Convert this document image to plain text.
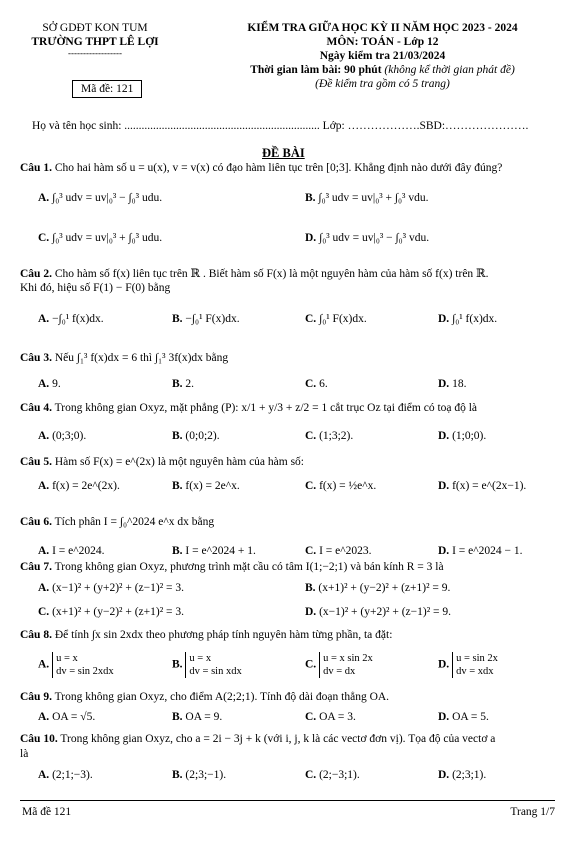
SỞ GDĐT KON TUM
TRƯỜNG THPT LÊ LỢI
------------------
Mã đề: 121
KIỂM TRA GIỮA HỌC KỲ II NĂM HỌC 2023 - 2024
MÔN: TOÁN - Lớp 12
Ngày kiểm tra 21/03/2024
Thời gian làm bài: 90 phút (không kể thời gian phát đề)
(Đề kiểm tra gồm có 5 trang)
Họ và tên học sinh: .................................................................... Lớp: ……………….SBD:………………….
ĐỀ BÀI
Câu 1. Cho hai hàm số u = u(x), v = v(x) có đạo hàm liên tục trên [0;3]. Khẳng định nào dưới đây đúng?
A. ∫₀³ udv = uv|₀³ − ∫₀³ udu.	B. ∫₀³ udv = uv|₀³ + ∫₀³ vdu.
C. ∫₀³ udv = uv|₀³ + ∫₀³ udu.	D. ∫₀³ udv = uv|₀³ − ∫₀³ vdu.
Câu 2. Cho hàm số f(x) liên tục trên ℝ . Biết hàm số F(x) là một nguyên hàm của hàm số f(x) trên ℝ.
Khi đó, hiệu số F(1) − F(0) bằng
A. −∫₀¹ f(x)dx.	B. −∫₀¹ F(x)dx.	C. ∫₀¹ F(x)dx.	D. ∫₀¹ f(x)dx.
Câu 3. Nếu ∫₁³ f(x)dx = 6 thì ∫₁³ 3f(x)dx bằng
A. 9.	B. 2.	C. 6.	D. 18.
Câu 4. Trong không gian Oxyz, mặt phẳng (P): x/1 + y/3 + z/2 = 1 cắt trục Oz tại điểm có toạ độ là
A. (0;3;0).	B. (0;0;2).	C. (1;3;2).	D. (1;0;0).
Câu 5. Hàm số F(x) = e^(2x) là một nguyên hàm của hàm số:
A. f(x) = 2e^(2x).	B. f(x) = 2e^x.	C. f(x) = ½e^x.	D. f(x) = e^(2x−1).
Câu 6. Tích phân I = ∫₀^2024 e^x dx bằng
A. I = e^2024.	B. I = e^2024 + 1.	C. I = e^2023.	D. I = e^2024 − 1.
Câu 7. Trong không gian Oxyz, phương trình mặt cầu có tâm I(1;−2;1) và bán kính R = 3 là
A. (x−1)² + (y+2)² + (z−1)² = 3.	B. (x+1)² + (y−2)² + (z+1)² = 9.
C. (x+1)² + (y−2)² + (z+1)² = 3.	D. (x−1)² + (y+2)² + (z−1)² = 9.
Câu 8. Để tính ∫x sin 2xdx theo phương pháp tính nguyên hàm từng phần, ta đặt:
A. u = x
dv = sin 2xdx
B. u = x
dv = sin xdx
C. u = x sin 2x
dv = dx
D. u = sin 2x
dv = xdx
Câu 9. Trong không gian Oxyz, cho điểm A(2;2;1). Tính độ dài đoạn thẳng OA.
A. OA = √5.	B. OA = 9.	C. OA = 3.	D. OA = 5.
Câu 10. Trong không gian Oxyz, cho a = 2i − 3j + k (với i, j, k là các vectơ đơn vị). Tọa độ của vectơ a
là
A. (2;1;−3).	B. (2;3;−1).	C. (2;−3;1).	D. (2;3;1).
Mã đề 121	Trang 1/7
